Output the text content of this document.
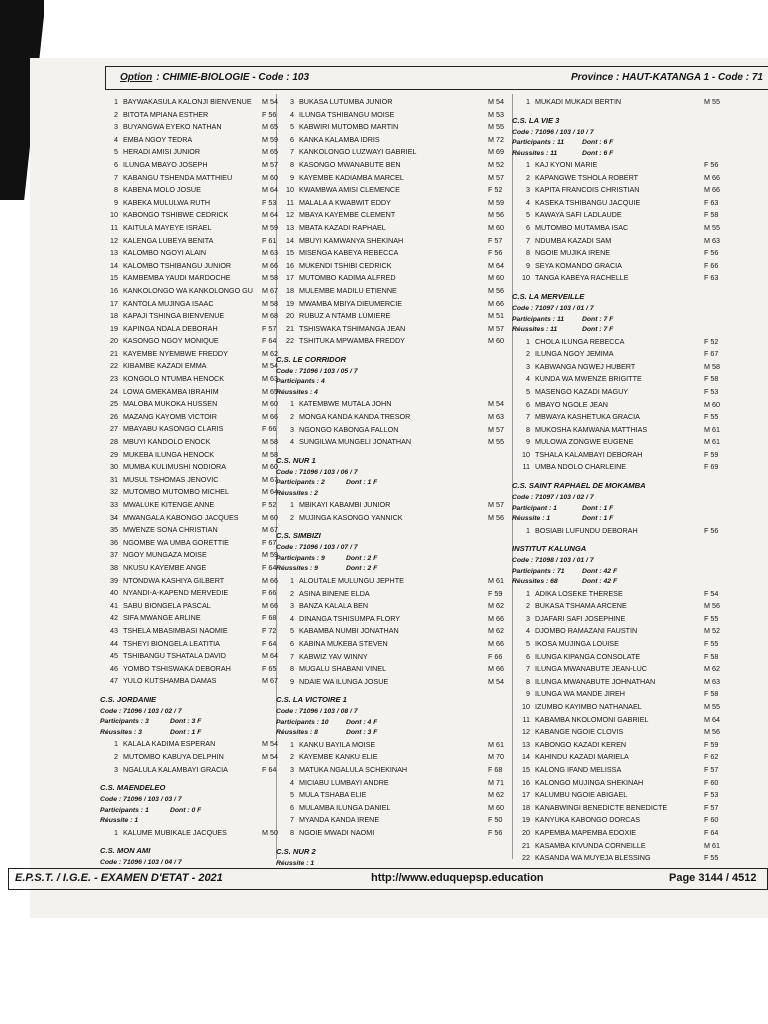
Option : CHIMIE-BIOLOGIE - Code : 103	Province : HAUT-KATANGA 1 - Code : 71
1 BAYWAKASULA KALONJI BIENVENUE M 54
2 BITOTA MPIANA ESTHER	F 56
3 BUYANGWA EYEKO NATHAN	M 65
4 EMBA NGOY TEDRA	M 59
5 HERADI AMISI JUNIOR	M 65
6 ILUNGA MBAYO JOSEPH	M 57
7 KABANGU TSHENDA MATTHIEU	M 60
8 KABENA MOLO JOSUE	M 64
9 KABEKA MULULWA RUTH	F 53
10 KABONGO TSHIBWE CEDRICK	M 64
11 KAITULA MAYEYE ISRAEL	M 59
12 KALENGA LUBEYA BENITA	F 61
13 KALOMBO NGOYI ALAIN	M 63
14 KALOMBO TSHIBANGU JUNIOR	M 66
15 KAMBEMBA YAUDI MARDOCHE	M 58
16 KANKOLONGO WA KANKOLONGO GU M 67
17 KANTOLA MUJINGA ISAAC	M 58
18 KAPAJI TSHINGA BIENVENUE	M 68
19 KAPINGA NDALA DEBORAH	F 57
20 KASONGO NGOY MONIQUE	F 64
21 KAYEMBE NYEMBWE FREDDY	M 62
22 KIBAMBE KAZADI EMMA	M 54
23 KONGOLO NTUMBA HENOCK	M 63
24 LOWA GMEKAMBA IBRAHIM	M 65
25 MALOBA MUKOKA HUSSEN	M 60
26 MAZANG KAYOMB VICTOIR	M 66
27 MBAYABU KASONGO CLARIS	F 66
28 MBUYI KANDOLO ENOCK	M 58
29 MUKEBA ILUNGA HENOCK	M 58
30 MUMBA KULIMUSHI NODIORA	M 60
31 MUSUL TSHOMAS JENOVIC	M 67
32 MUTOMBO MUTOMBO MICHEL	M 64
33 MWALUKE KITENGE ANNE	F 52
34 MWANGALA KABONGO JACQUES	M 60
35 MWENZE SONA CHRISTIAN	M 67
36 NGOMBE WA UMBA GORETTIE	F 67
37 NGOY MUNGAZA MOISE	M 59
38 NKUSU KAYEMBE ANGE	F 64
39 NTONDWA KASHIYA GILBERT	M 66
40 NYANDI-A-KAPEND MERVEDIE	F 66
41 SABU BIONGELA PASCAL	M 66
42 SIFA MWANGE ARLINE	F 68
43 TSHELA MBASIMBASI NAOMIE	F 72
44 TSHEYI BIONGELA LEATITIA	F 64
45 TSHIBANGU TSHATALA DAVID	M 64
46 YOMBO TSHISWAKA DEBORAH	F 65
47 YULO KUTSHAMBA DAMAS	M 67
C.S. JORDANIE
Code : 71096 / 103 / 02 / 7
Participants : 3	Dont : 3 F
Réussites : 3	Dont : 1 F
1 KALALA KADIMA ESPERAN	M 54
2 MUTOMBO KABUYA DELPHIN	M 54
3 NGALULA KALAMBAYI GRACIA	F 64
C.S. MAENDELEO
Code : 71096 / 103 / 03 / 7
Participants : 1	Dont : 0 F
Réussite : 1
1 KALUME MUBIKALE JACQUES	M 50
C.S. MON AMI
Code : 71096 / 103 / 04 / 7
3 BUKASA LUTUMBA JUNIOR	M 54
4 ILUNGA TSHIBANGU MOISE	M 53
5 KABWIRI MUTOMBO MARTIN	M 55
6 KANKA KALAMBA IDRIS	M 72
7 KANKOLONGO LUZWAYI GABRIEL	M 69
8 KASONGO MWANABUTE BEN	M 52
9 KAYEMBE KADIAMBA MARCEL	M 57
10 KWAMBWA AMISI CLEMENCE	F 52
11 MALALA A KWABWIT EDDY	M 59
12 MBAYA KAYEMBE CLEMENT	M 56
13 MBATA KAZADI RAPHAEL	M 60
14 MBUYI KAMWANYA SHEKINAH	F 57
15 MISENGA KABEYA REBECCA	F 56
16 MUKENDI TSHIBI CEDRICK	M 64
17 MUTOMBO KADIMA ALFRED	M 60
18 MULEMBE MADILU ETIENNE	M 56
19 MWAMBA MBIYA DIEUMERCIE	M 66
20 RUBUZ A NTAMB LUMIERE	M 51
21 TSHISWAKA TSHIMANGA JEAN	M 57
22 TSHITUKA MPWAMBA FREDDY	M 60
C.S. LE CORRIDOR
Code : 71096 / 103 / 05 / 7
Participants : 4
Réussites : 4
1 KATEMBWE MUTALA JOHN	M 54
2 MONGA KANDA KANDA TRESOR	M 63
3 NGONGO KABONGA FALLON	M 57
4 SUNGILWA MUNGELI JONATHAN	M 55
C.S. NUR 1
Code : 71096 / 103 / 06 / 7
Participants : 2	Dont : 1 F
Réussites : 2
1 MBIKAYI KABAMBI JUNIOR	M 57
2 MUJINGA KASONGO YANNICK	M 56
C.S. SIMBIZI
Code : 71096 / 103 / 07 / 7
Participants : 9	Dont : 2 F
Réussites : 9	Dont : 2 F
1 ALOUTALE MULUNGU JEPHTE	M 61
2 ASINA BINENE ELDA	F 59
3 BANZA KALALA BEN	M 62
4 DINANGA TSHISUMPA FLORY	M 66
5 KABAMBA NUMBI JONATHAN	M 62
6 KABINA MUKEBA STEVEN	M 66
7 KABWIZ YAV WINNY	F 66
8 MUGALU SHABANI VINEL	M 66
9 NDAIE WA ILUNGA JOSUE	M 54
C.S. LA VICTOIRE 1
Code : 71096 / 103 / 08 / 7
Participants : 10	Dont : 4 F
Réussites : 8	Dont : 3 F
1 KANKU BAYILA MOISE	M 61
2 KAYEMBE KANKU ELIE	M 70
3 MATUKA NGALULA SCHEKINAH	F 68
4 MICIABU LUMBAYI ANDRE	M 71
5 MULA TSHABA ELIE	M 62
6 MULAMBA ILUNGA DANIEL	M 60
7 MYANDA KANDA IRENE	F 50
8 NGOIE MWADI NAOMI	F 56
C.S. NUR 2
Réussite : 1
1 MUKADI MUKADI BERTIN	M 55
C.S. LA VIE 3
Code : 71096 / 103 / 10 / 7
Participants : 11	Dont : 6 F
Réussites : 11	Dont : 6 F
1 KAJ KYONI MARIE	F 56
2 KAPANGWE TSHOLA ROBERT	M 66
3 KAPITA FRANCOIS CHRISTIAN	M 66
4 KASEKA TSHIBANGU JACQUIE	F 63
5 KAWAYA SAFI LADLAUDE	F 58
6 MUTOMBO MUTAMBA ISAC	M 55
7 NDUMBA KAZADI SAM	M 63
8 NGOIE MUJIKA IRENE	F 56
9 SEYA KOMANDO GRACIA	F 66
10 TANGA KABEYA RACHELLE	F 63
C.S. LA MERVEILLE
Code : 71097 / 103 / 01 / 7
Participants : 11	Dont : 7 F
Réussites : 11	Dont : 7 F
1 CHOLA ILUNGA REBECCA	F 52
2 ILUNGA NGOY JEMIMA	F 67
3 KABWANGA NGWEJ HUBERT	M 58
4 KUNDA WA MWENZE BRIGITTE	F 58
5 MASENGO KAZADI MAGUY	F 53
6 MBAYO NGOLE JEAN	M 60
7 MBWAYA KASHETUKA GRACIA	F 55
8 MUKOSHA KAMWANA MATTHIAS	M 61
9 MULOWA ZONGWE EUGENE	M 61
10 TSHALA KALAMBAYI DEBORAH	F 59
11 UMBA NDOLO CHARLEINE	F 69
C.S. SAINT RAPHAEL DE MOKAMBA
Code : 71097 / 103 / 02 / 7
Participant : 1	Dont : 1 F
Réussite : 1	Dont : 1 F
1 BOSIABI LUFUNDU DEBORAH	F 56
INSTITUT KALUNGA
Code : 71098 / 103 / 01 / 7
Participants : 71	Dont : 42 F
Réussites : 68	Dont : 42 F
1 ADIKA LOSEKE THERESE	F 54
2 BUKASA TSHAMA ARCENE	M 56
3 DJAFARI SAFI JOSEPHINE	F 55
4 DJOMBO RAMAZANI FAUSTIN	M 52
5 IKOSA MUJINGA LOUISE	F 55
6 ILUNGA KIPANGA CONSOLATE	F 58
7 ILUNGA MWANABUTE JEAN-LUC	M 62
8 ILUNGA MWANABUTE JOHNATHAN	M 63
9 ILUNGA WA MANDE JIREH	F 58
10 IZUMBO KAYIMBO NATHANAEL	M 55
11 KABAMBA NKOLOMONI GABRIEL	M 64
12 KABANGE NGOIE CLOVIS	M 56
13 KABONGO KAZADI KEREN	F 59
14 KAHINDU KAZADI MARIELA	F 62
15 KALONG IFAND MELISSA	F 57
16 KALONGO MUJINGA SHEKINAH	F 60
17 KALUMBU NGOIE ABIGAEL	F 53
18 KANABWINGI BENEDICTE BENEDICTE	F 57
19 KANYUKA KABONGO DORCAS	F 60
20 KAPEMBA MAPEMBA EDOXIE	F 64
21 KASAMBA KIVUNDA CORNEILLE	M 61
22 KASANDA WA MUYEJA BLESSING	F 55
E.P.S.T. / I.G.E. - EXAMEN D'ETAT - 2021	http://www.eduquepsp.education	Page 3144 / 4512
